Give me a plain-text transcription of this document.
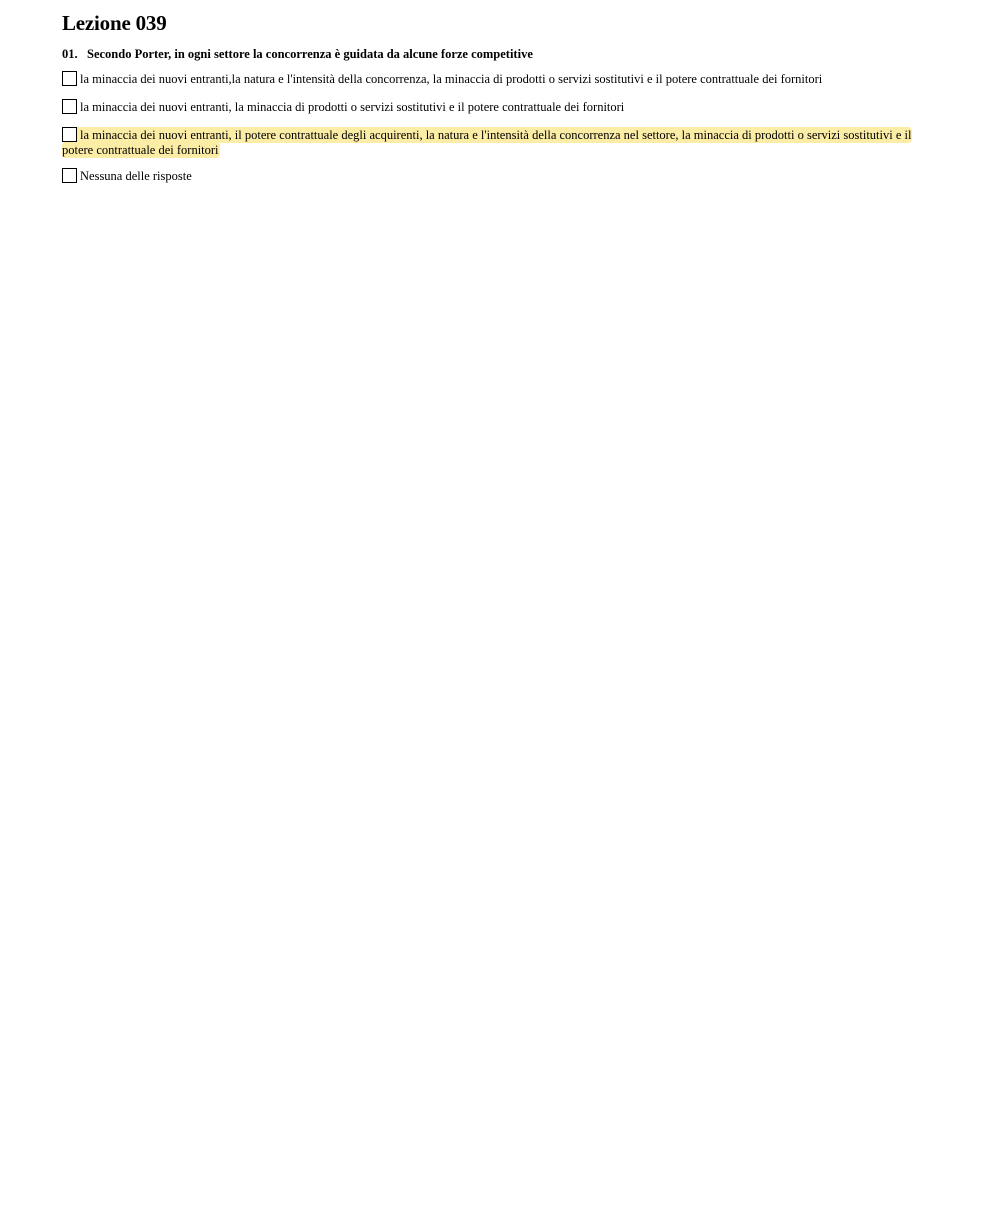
Lezione 039
01. Secondo Porter, in ogni settore la concorrenza è guidata da alcune forze competitive
la minaccia dei nuovi entranti,la natura e l'intensità della concorrenza, la minaccia di prodotti o servizi sostitutivi e il potere contrattuale dei fornitori
la minaccia dei nuovi entranti, la minaccia di prodotti o servizi sostitutivi e il potere contrattuale dei fornitori
la minaccia dei nuovi entranti, il potere contrattuale degli acquirenti, la natura e l'intensità della concorrenza nel settore, la minaccia di prodotti o servizi sostitutivi e il potere contrattuale dei fornitori
Nessuna delle risposte
